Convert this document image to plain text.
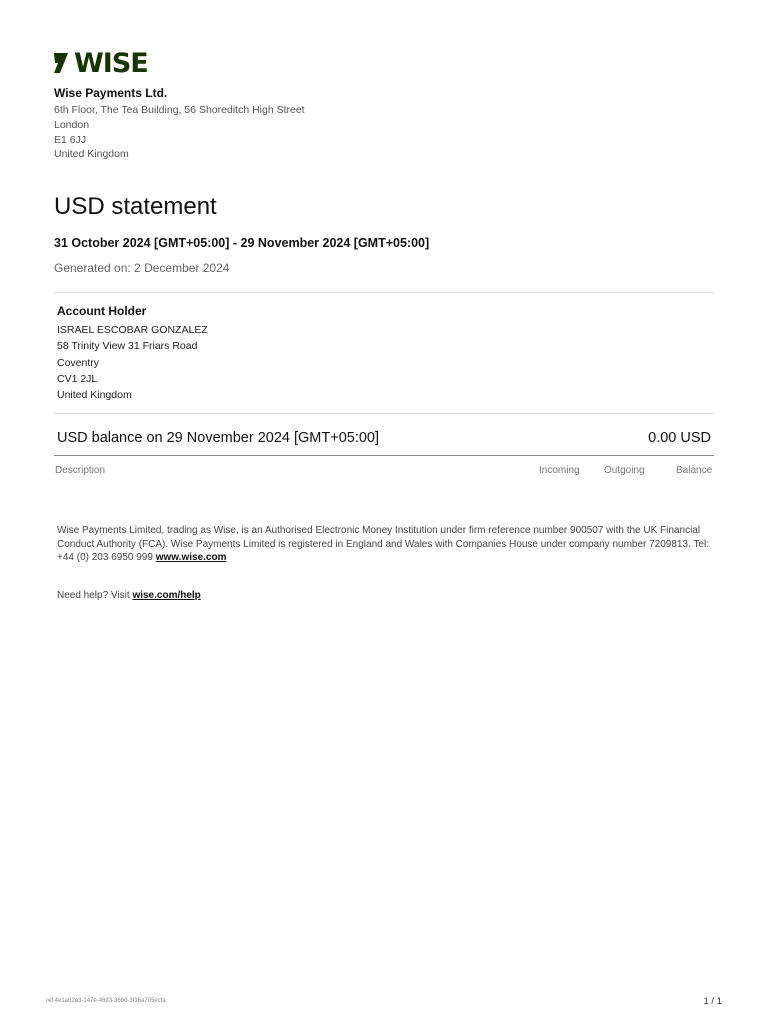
WISE
Wise Payments Ltd.
6th Floor, The Tea Building, 56 Shoreditch High Street
London
E1 6JJ
United Kingdom
USD statement
31 October 2024 [GMT+05:00] - 29 November 2024 [GMT+05:00]
Generated on: 2 December 2024
Account Holder
ISRAEL ESCOBAR GONZALEZ
58 Trinity View 31 Friars Road
Coventry
CV1 2JL
United Kingdom
USD balance on 29 November 2024 [GMT+05:00]	0.00 USD
Description	Incoming Outgoing	Balance
Wise Payments Limited, trading as Wise, is an Authorised Electronic Money Institution under firm reference number 900507 with the UK Financial Conduct Authority (FCA). Wise Payments Limited is registered in England and Wales with Companies House under company number 7209813. Tel: +44 (0) 203 6950 999 www.wise.com
Need help? Visit wise.com/help
ref:4e1a02a3-147e-4693-36b0-3f16a705ecfa	1 / 1
